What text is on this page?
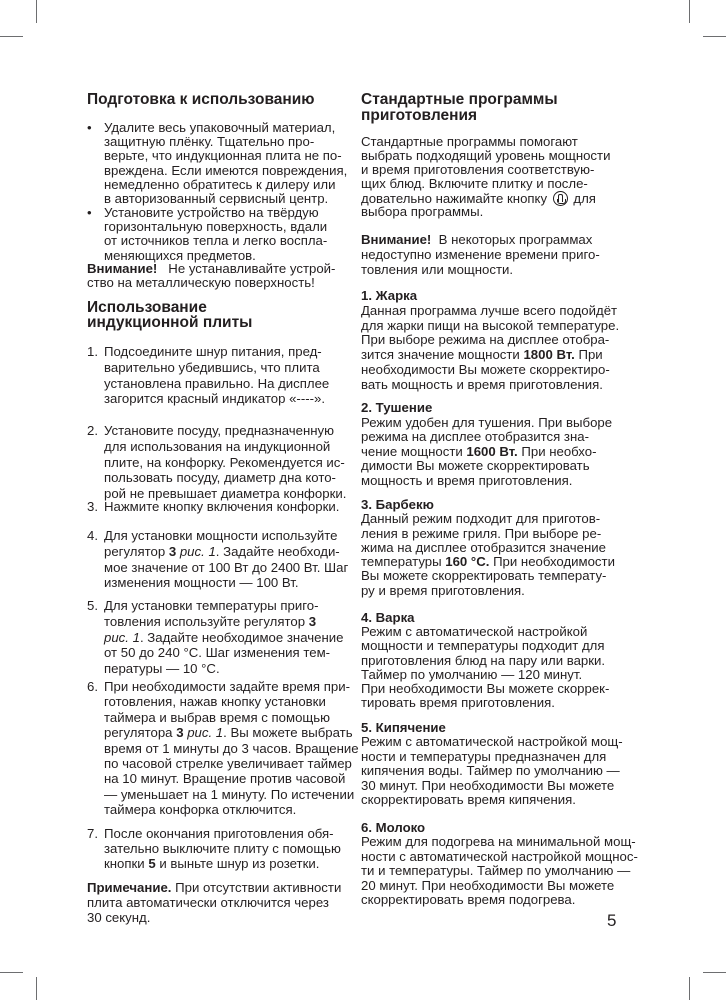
Подготовка к использованию
• Удалите весь упаковочный материал,
защитную плёнку. Тщательно про-
верьте, что индукционная плита не по-
вреждена. Если имеются повреждения,
немедленно обратитесь к дилеру или
в авторизованный сервисный центр.
• Установите устройство на твёрдую
горизонтальную поверхность, вдали
от источников тепла и легко воспла-
меняющихся предметов.
Внимание!   Не устанавливайте устрой-
ство на металлическую поверхность!
Использование
индукционной плиты
1. Подсоедините шнур питания, пред-
варительно убедившись, что плита
установлена правильно. На дисплее
загорится красный индикатор «----».
2. Установите посуду, предназначенную
для использования на индукционной
плите, на конфорку. Рекомендуется ис-
пользовать посуду, диаметр дна кото-
рой не превышает диаметра конфорки.
3. Нажмите кнопку включения конфорки.
4. Для установки мощности используйте
регулятор 3 рис. 1. Задайте необходи-
мое значение от 100 Вт до 2400 Вт. Шаг
изменения мощности — 100 Вт.
5. Для установки температуры приго-
товления используйте регулятор 3
рис. 1. Задайте необходимое значение
от 50 до 240 °С. Шаг изменения тем-
пературы — 10 °С.
6. При необходимости задайте время при-
готовления, нажав кнопку установки
таймера и выбрав время с помощью
регулятора 3 рис. 1. Вы можете выбрать
время от 1 минуты до 3 часов. Вращение
по часовой стрелке увеличивает таймер
на 10 минут. Вращение против часовой
— уменьшает на 1 минуту. По истечении
таймера конфорка отключится.
7. После окончания приготовления обя-
зательно выключите плиту с помощью
кнопки 5 и выньте шнур из розетки.
Примечание. При отсутствии активности
плита автоматически отключится через
30 секунд.
Стандартные программы
приготовления
Стандартные программы помогают
выбрать подходящий уровень мощности
и время приготовления соответствую-
щих блюд. Включите плитку и после-
довательно нажимайте кнопку  для
выбора программы.
Внимание!  В некоторых программах
недоступно изменение времени приго-
товления или мощности.
1. Жарка
Данная программа лучше всего подойдёт
для жарки пищи на высокой температуре.
При выборе режима на дисплее отобра-
зится значение мощности 1800 Вт. При
необходимости Вы можете скорректиро-
вать мощность и время приготовления.
2. Тушение
Режим удобен для тушения. При выборе
режима на дисплее отобразится зна-
чение мощности 1600 Вт. При необхо-
димости Вы можете скорректировать
мощность и время приготовления.
3. Барбекю
Данный режим подходит для приготов-
ления в режиме гриля. При выборе ре-
жима на дисплее отобразится значение
температуры 160 °С. При необходимости
Вы можете скорректировать температу-
ру и время приготовления.
4. Варка
Режим с автоматической настройкой
мощности и температуры подходит для
приготовления блюд на пару или варки.
Таймер по умолчанию — 120 минут.
При необходимости Вы можете скоррек-
тировать время приготовления.
5. Кипячение
Режим с автоматической настройкой мощ-
ности и температуры предназначен для
кипячения воды. Таймер по умолчанию —
30 минут. При необходимости Вы можете
скорректировать время кипячения.
6. Молоко
Режим для подогрева на минимальной мощ-
ности с автоматической настройкой мощнос-
ти и температуры. Таймер по умолчанию —
20 минут. При необходимости Вы можете
скорректировать время подогрева.
5
